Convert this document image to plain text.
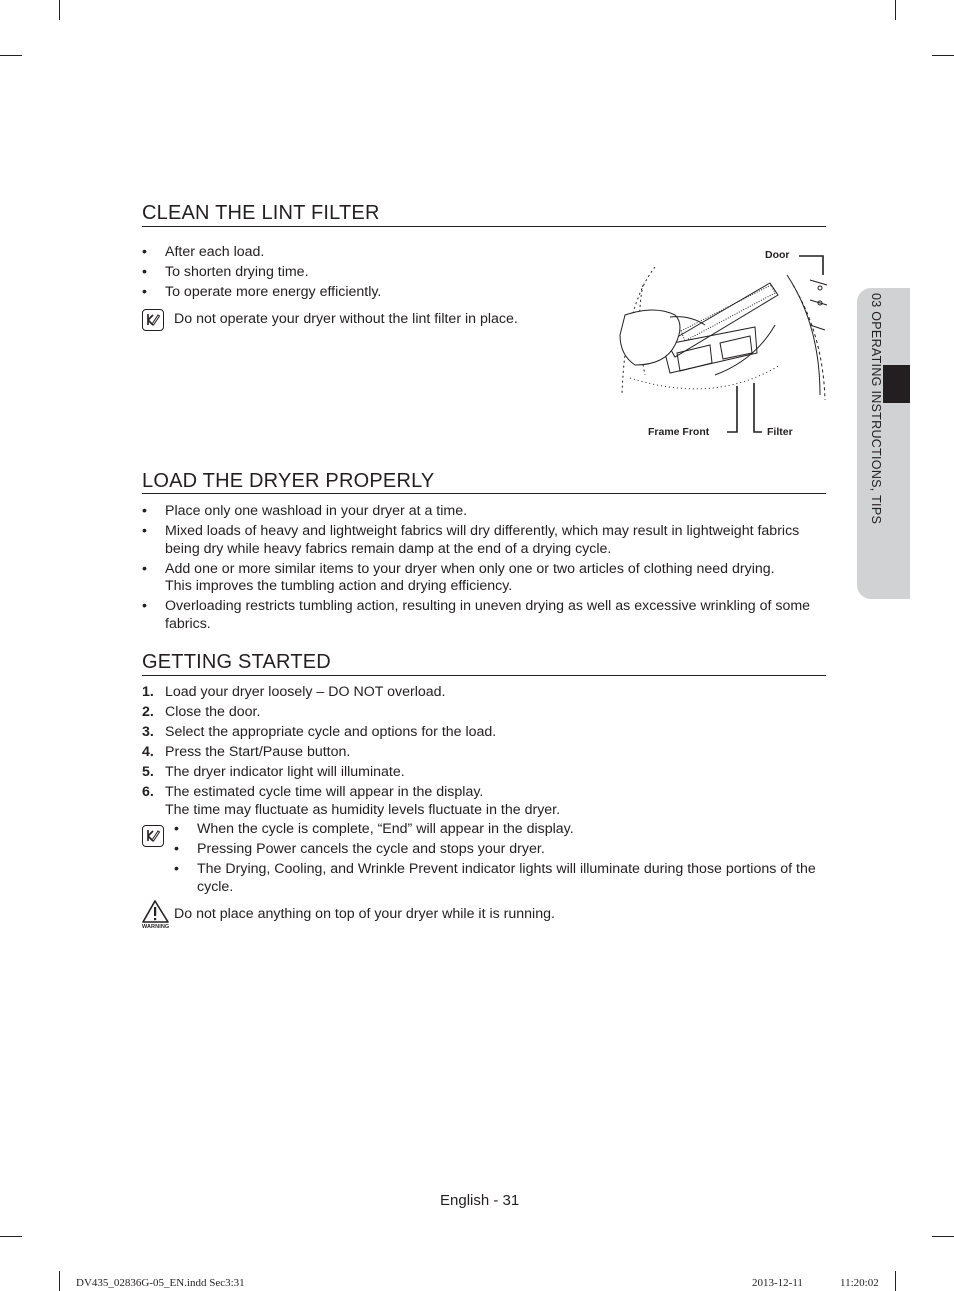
03 OPERATING INSTRUCTIONS, TIPS
CLEAN THE LINT FILTER
• After each load.
• To shorten drying time.
• To operate more energy efficiently.
Do not operate your dryer without the lint filter in place.
Door
Frame Front	Filter
LOAD THE DRYER PROPERLY
• Place only one washload in your dryer at a time.
• Mixed loads of heavy and lightweight fabrics will dry differently, which may result in lightweight fabrics
being dry while heavy fabrics remain damp at the end of a drying cycle.
• Add one or more similar items to your dryer when only one or two articles of clothing need drying.
This improves the tumbling action and drying efficiency.
• Overloading restricts tumbling action, resulting in uneven drying as well as excessive wrinkling of some
fabrics.
GETTING STARTED
1. Load your dryer loosely – DO NOT overload.
2. Close the door.
3. Select the appropriate cycle and options for the load.
4. Press the Start/Pause button.
5. The dryer indicator light will illuminate.
6. The estimated cycle time will appear in the display.
The time may fluctuate as humidity levels fluctuate in the dryer.
• When the cycle is complete, “End” will appear in the display.
• Pressing Power cancels the cycle and stops your dryer.
• The Drying, Cooling, and Wrinkle Prevent indicator lights will illuminate during those portions of the
cycle.
WARNING
Do not place anything on top of your dryer while it is running.
English - 31
DV435_02836G-05_EN.indd Sec3:31	2013-12-11	11:20:02
